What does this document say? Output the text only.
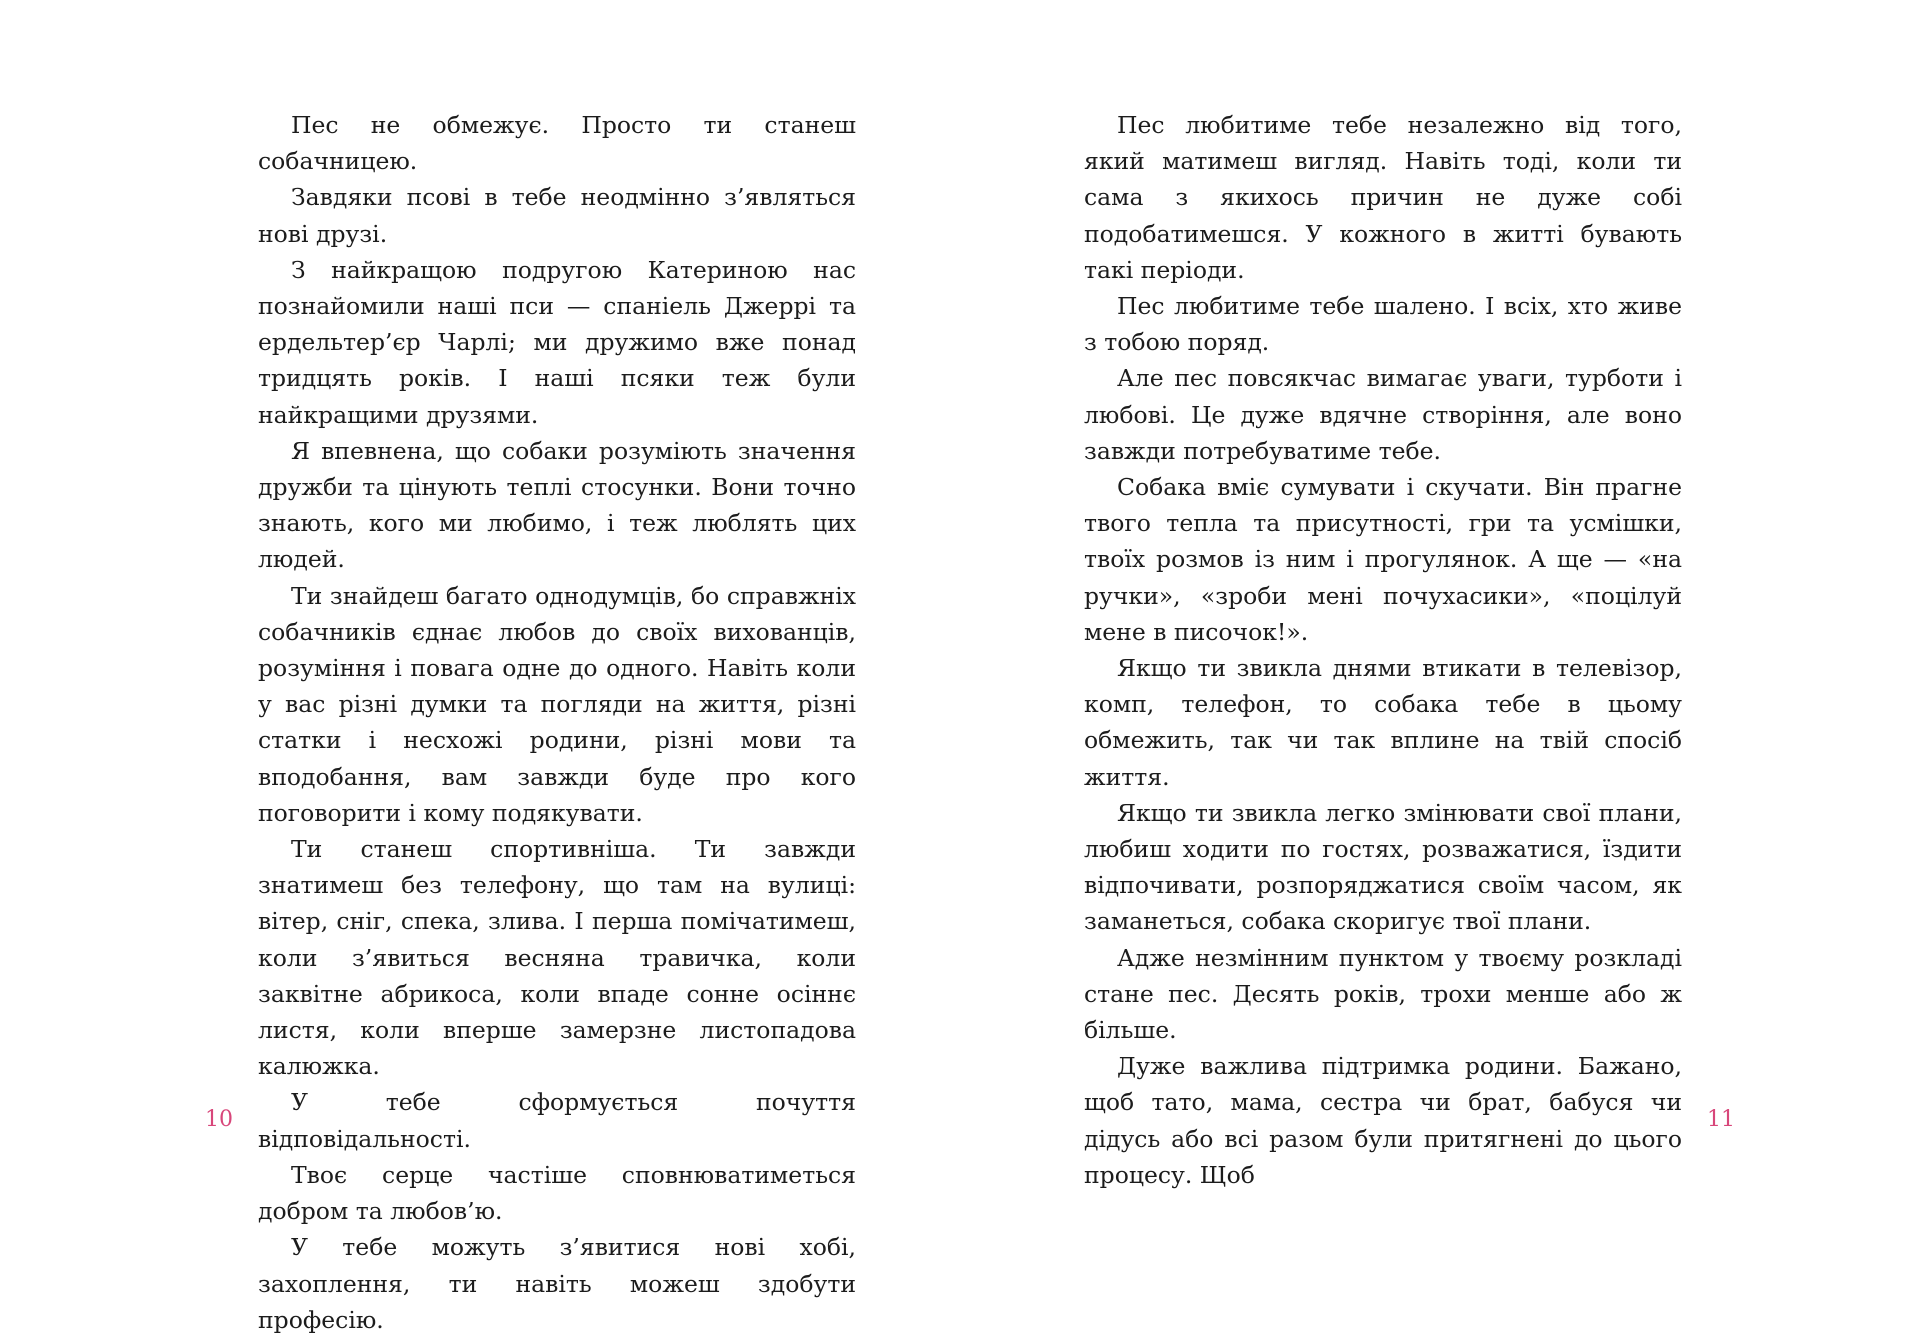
Пес не обмежує. Просто ти станеш собачницею.

Завдяки псові в тебе неодмінно з’являться нові друзі.

З найкращою подругою Катериною нас познайомили наші пси — спаніель Джеррі та ердельтер’єр Чарлі; ми дружимо вже понад тридцять років. І наші псяки теж були найкращими друзями.

Я впевнена, що собаки розуміють значення дружби та цінують теплі стосунки. Вони точно знають, кого ми любимо, і теж люблять цих людей.

Ти знайдеш багато однодумців, бо справжніх собачників єднає любов до своїх вихованців, розуміння і повага одне до одного. Навіть коли у вас різні думки та погляди на життя, різні статки і несхожі родини, різні мови та вподобання, вам завжди буде про кого поговорити і кому подякувати.

Ти станеш спортивніша. Ти завжди знатимеш без телефону, що там на вулиці: вітер, сніг, спека, злива. І перша помічатимеш, коли з’явиться весняна травичка, коли заквітне абрикоса, коли впаде сонне осіннє листя, коли вперше замерзне листопадова калюжка.

У тебе сформується почуття відповідальності.

Твоє серце частіше сповнюватиметься добром та любов’ю.

У тебе можуть з’явитися нові хобі, захоплення, ти навіть можеш здобути професію.

10

Пес любитиме тебе незалежно від того, який матимеш вигляд. Навіть тоді, коли ти сама з якихось причин не дуже собі подобатимешся. У кожного в житті бувають такі періоди.

Пес любитиме тебе шалено. І всіх, хто живе з тобою поряд.

Але пес повсякчас вимагає уваги, турботи і любові. Це дуже вдячне створіння, але воно завжди потребуватиме тебе.

Собака вміє сумувати і скучати. Він прагне твого тепла та присутності, гри та усмішки, твоїх розмов із ним і прогулянок. А ще — «на ручки», «зроби мені почухасики», «поцілуй мене в писочок!».

Якщо ти звикла днями втикати в телевізор, комп, телефон, то собака тебе в цьому обмежить, так чи так вплине на твій спосіб життя.

Якщо ти звикла легко змінювати свої плани, любиш ходити по гостях, розважатися, їздити відпочивати, розпоряджатися своїм часом, як заманеться, собака скоригує твої плани.

Адже незмінним пунктом у твоєму розкладі стане пес. Десять років, трохи менше або ж більше.

Дуже важлива підтримка родини. Бажано, щоб тато, мама, сестра чи брат, бабуся чи дідусь або всі разом були притягнені до цього процесу. Щоб

11
